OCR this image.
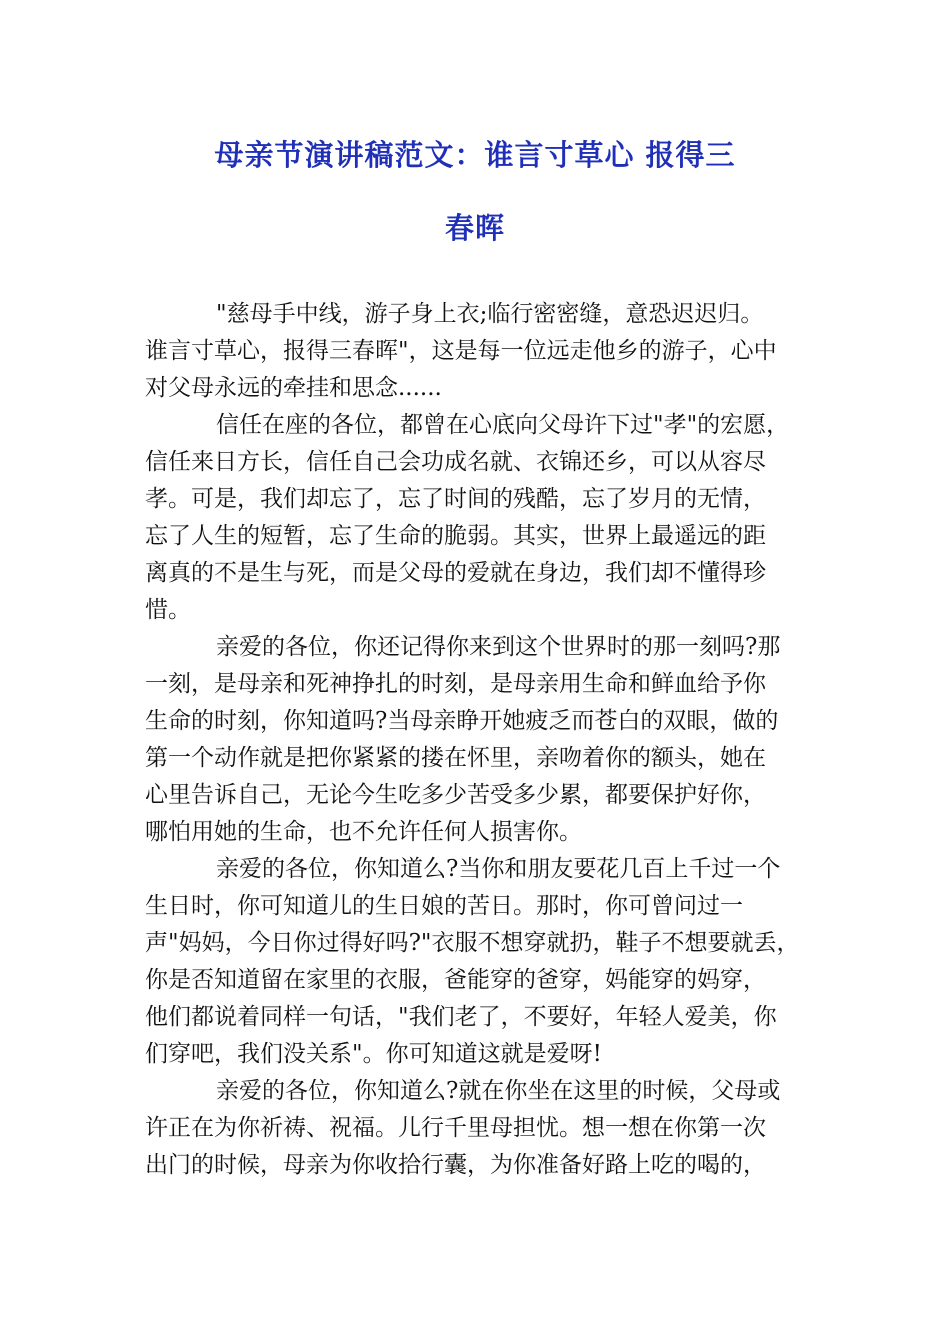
母亲节演讲稿范文：谁言寸草心 报得三
春晖
"慈母手中线，游子身上衣;临行密密缝，意恐迟迟归。
谁言寸草心，报得三春晖"，这是每一位远走他乡的游子，心中
对父母永远的牵挂和思念......
信任在座的各位，都曾在心底向父母许下过"孝"的宏愿，
信任来日方长，信任自己会功成名就、衣锦还乡，可以从容尽
孝。可是，我们却忘了，忘了时间的残酷，忘了岁月的无情，
忘了人生的短暂，忘了生命的脆弱。其实，世界上最遥远的距
离真的不是生与死，而是父母的爱就在身边，我们却不懂得珍
惜。
亲爱的各位，你还记得你来到这个世界时的那一刻吗?那
一刻，是母亲和死神挣扎的时刻，是母亲用生命和鲜血给予你
生命的时刻，你知道吗?当母亲睁开她疲乏而苍白的双眼，做的
第一个动作就是把你紧紧的搂在怀里，亲吻着你的额头，她在
心里告诉自己，无论今生吃多少苦受多少累，都要保护好你，
哪怕用她的生命，也不允许任何人损害你。
亲爱的各位，你知道么?当你和朋友要花几百上千过一个
生日时，你可知道儿的生日娘的苦日。那时，你可曾问过一
声"妈妈，今日你过得好吗?"衣服不想穿就扔，鞋子不想要就丢，
你是否知道留在家里的衣服，爸能穿的爸穿，妈能穿的妈穿，
他们都说着同样一句话，"我们老了，不要好，年轻人爱美，你
们穿吧，我们没关系"。你可知道这就是爱呀!
亲爱的各位，你知道么?就在你坐在这里的时候，父母或
许正在为你祈祷、祝福。儿行千里母担忧。想一想在你第一次
出门的时候，母亲为你收拾行囊，为你准备好路上吃的喝的，
